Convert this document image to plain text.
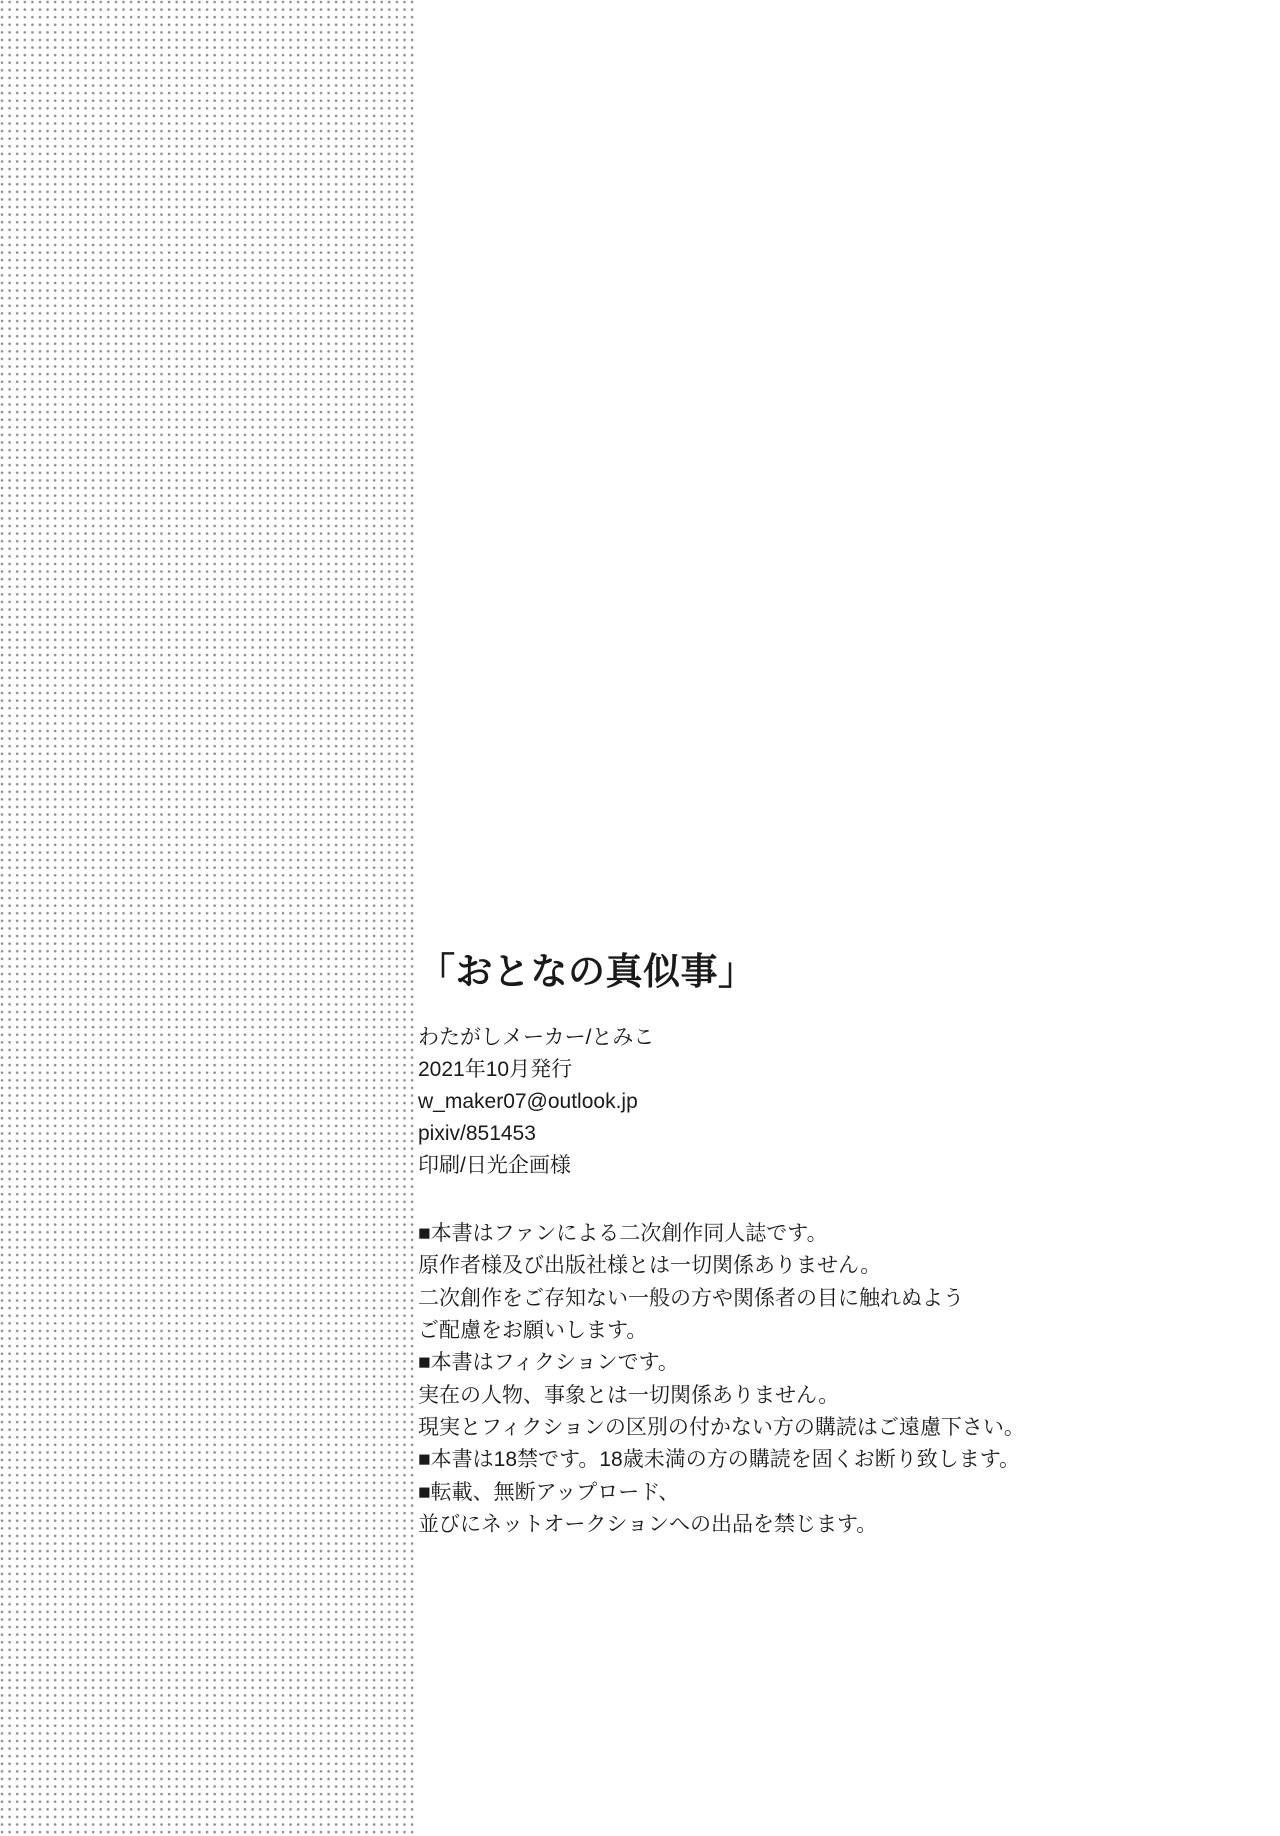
「おとなの真似事」
わたがしメーカー/とみこ
2021年10月発行
w_maker07@outlook.jp
pixiv/851453
印刷/日光企画様
■本書はファンによる二次創作同人誌です。
原作者様及び出版社様とは一切関係ありません。
二次創作をご存知ない一般の方や関係者の目に触れぬよう
ご配慮をお願いします。
■本書はフィクションです。
実在の人物、事象とは一切関係ありません。
現実とフィクションの区別の付かない方の購読はご遠慮下さい。
■本書は18禁です。18歳未満の方の購読を固くお断り致します。
■転載、無断アップロード、
並びにネットオークションへの出品を禁じます。
